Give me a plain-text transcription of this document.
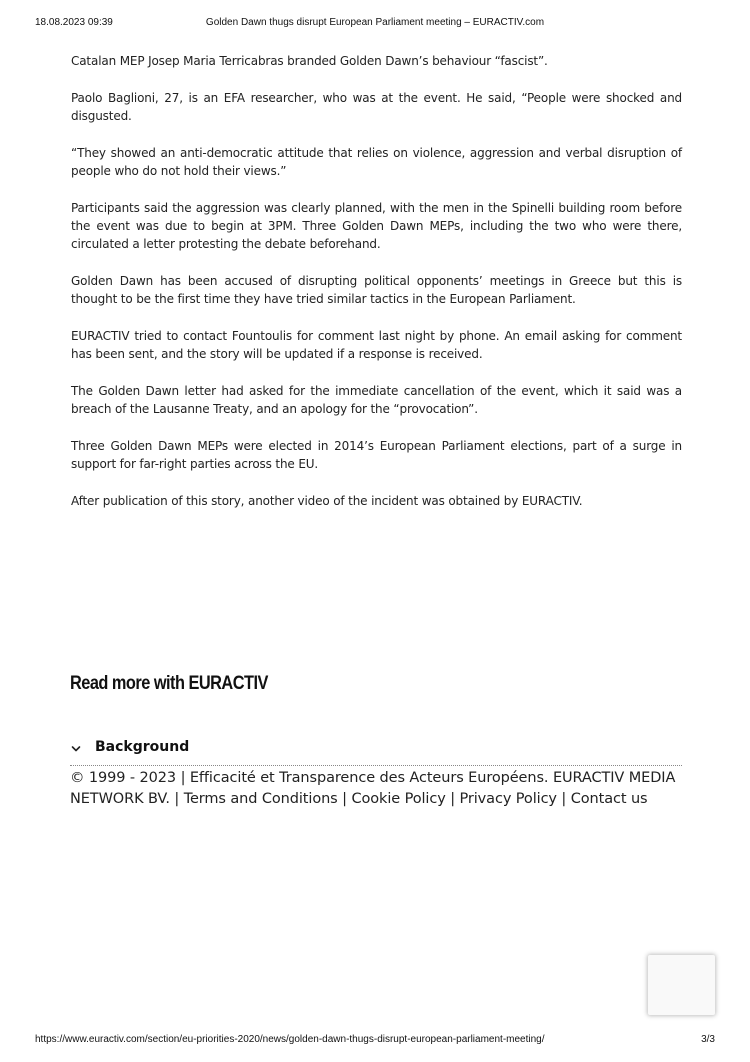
18.08.2023 09:39	Golden Dawn thugs disrupt European Parliament meeting – EURACTIV.com

Catalan MEP Josep Maria Terricabras branded Golden Dawn’s behaviour “fascist”.

Paolo Baglioni, 27, is an EFA researcher, who was at the event. He said, “People were shocked and disgusted.

“They showed an anti-democratic attitude that relies on violence, aggression and verbal disruption of people who do not hold their views.”

Participants said the aggression was clearly planned, with the men in the Spinelli building room before the event was due to begin at 3PM. Three Golden Dawn MEPs, including the two who were there, circulated a letter protesting the debate beforehand.

Golden Dawn has been accused of disrupting political opponents’ meetings in Greece but this is thought to be the first time they have tried similar tactics in the European Parliament.

EURACTIV tried to contact Fountoulis for comment last night by phone. An email asking for comment has been sent, and the story will be updated if a response is received.

The Golden Dawn letter had asked for the immediate cancellation of the event, which it said was a breach of the Lausanne Treaty, and an apology for the “provocation”.

Three Golden Dawn MEPs were elected in 2014’s European Parliament elections, part of a surge in support for far-right parties across the EU.

After publication of this story, another video of the incident was obtained by EURACTIV.

Read more with EURACTIV
Background
© 1999 - 2023 | Efficacité et Transparence des Acteurs Européens. EURACTIV MEDIA NETWORK BV. | Terms and Conditions | Cookie Policy | Privacy Policy | Contact us
https://www.euractiv.com/section/eu-priorities-2020/news/golden-dawn-thugs-disrupt-european-parliament-meeting/	3/3
